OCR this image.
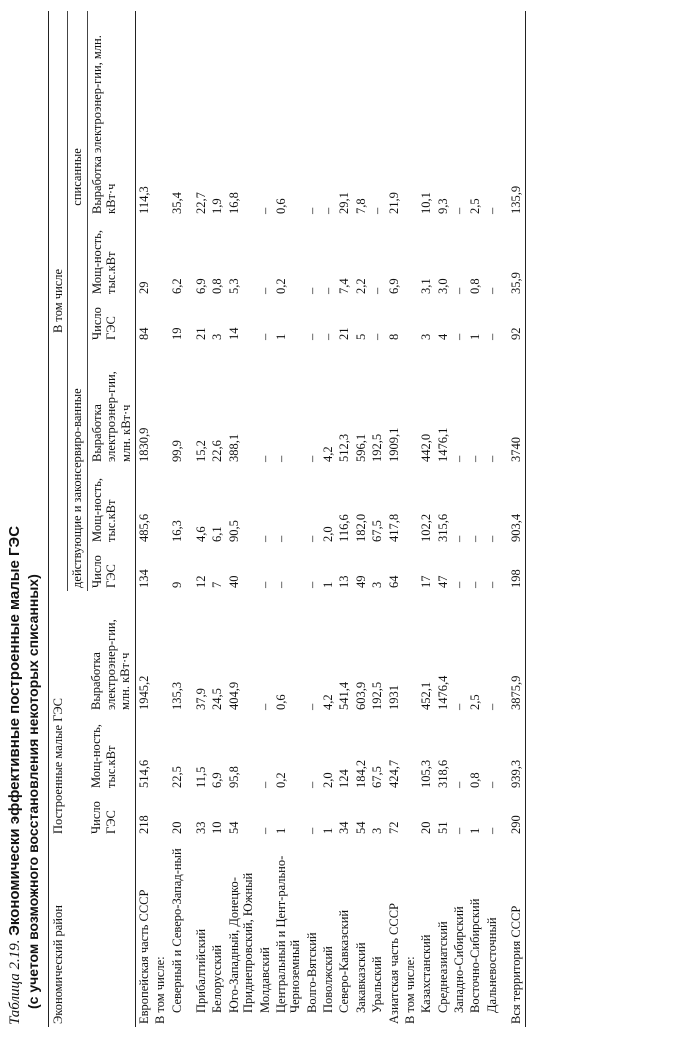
Таблица 2.19. Экономически эффективные построенные малые ГЭС (с учетом возможного восстановления некоторых списанных) Экономический район	Построенные малые ГЭС			В том числе					
				действующие и законсервиро-ванные			списанные		
	Число ГЭС	Мощ-ность, тыс.кВт	Выработка электроэнер-гии, млн. кВт·ч	Число ГЭС	Мощ-ность, тыс.кВт	Выработка электроэнер-гии, млн. кВт·ч	Число ГЭС	Мощ-ность, тыс.кВт	Выработка электроэнер-гии, млн. кВт·ч
Европейская часть СССР	218	514,6	1945,2	134	485,6	1830,9	84	29	114,3
В том числе:									
Северный и Северо-Запад-ный	20	22,5	135,3	9	16,3	99,9	19	6,2	35,4
Прибалтийский	33	11,5	37,9	12	4,6	15,2	21	6,9	22,7
Белорусский	10	6,9	24,5	7	6,1	22,6	3	0,8	1,9
Юго-Западный, Донецко-Приднепровский, Южный	54	95,8	404,9	40	90,5	388,1	14	5,3	16,8
Молдавский	–	–	–	–	–	–	–	–	–
Центральный и Цент-рально-Черноземный	1	0,2	0,6	–	–	–	1	0,2	0,6
Волго-Вятский	–	–	–	–	–	–	–	–	–
Поволжский	1	2,0	4,2	1	2,0	4,2	–	–	–
Северо-Кавказский	34	124	541,4	13	116,6	512,3	21	7,4	29,1
Закавказский	54	184,2	603,9	49	182,0	596,1	5	2,2	7,8
Уральский	3	67,5	192,5	3	67,5	192,5	–	–	–
Азиатская часть СССР	72	424,7	1931	64	417,8	1909,1	8	6,9	21,9
В том числе:									
Казахстанский	20	105,3	452,1	17	102,2	442,0	3	3,1	10,1
Среднеазиатский	51	318,6	1476,4	47	315,6	1476,1	4	3,0	9,3
Западно-Сибирский	–	–	–	–	–	–	–	–	–
Восточно-Сибирский	1	0,8	2,5	–	–	–	1	0,8	2,5
Дальневосточный	–	–	–	–	–	–	–	–	–
Вся территория СССР	290	939,3	3875,9	198	903,4	3740	92	35,9	135,9
